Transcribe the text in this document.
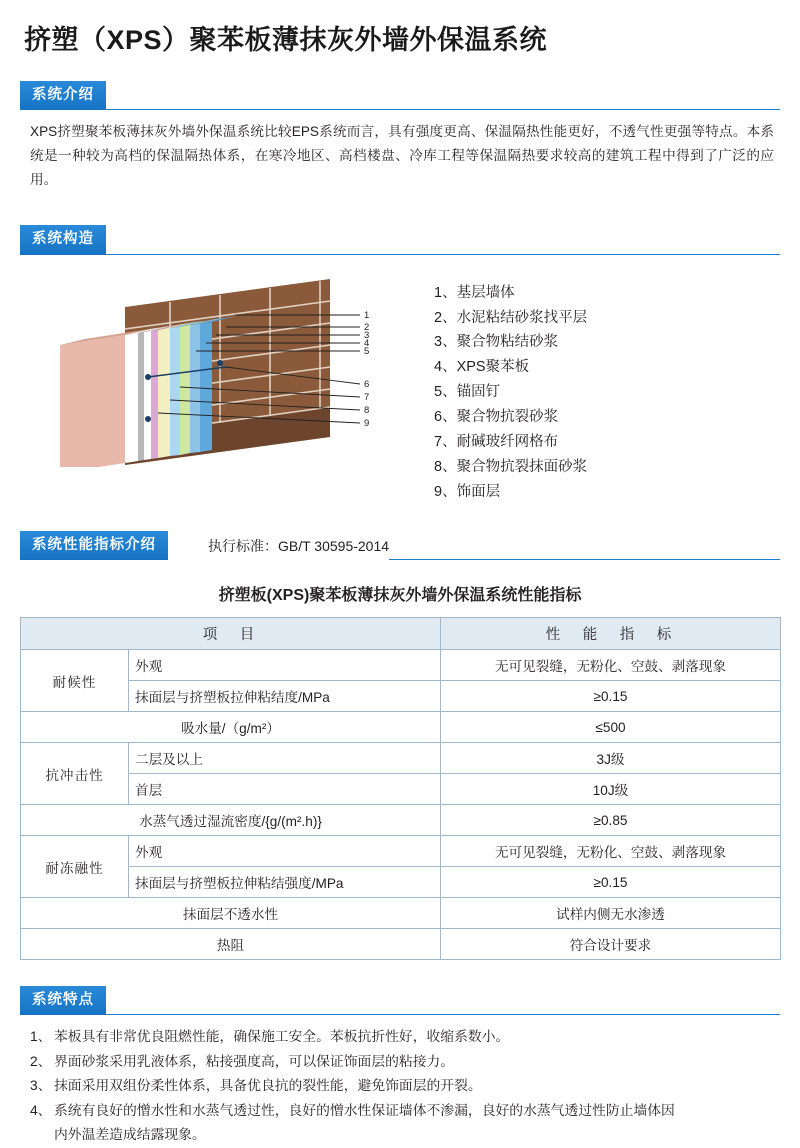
挤塑（XPS）聚苯板薄抹灰外墙外保温系统
系统介绍
XPS挤塑聚苯板薄抹灰外墙外保温系统比较EPS系统而言，具有强度更高、保温隔热性能更好，不透气性更强等特点。本系统是一种较为高档的保温隔热体系，在寒冷地区、高档楼盘、冷库工程等保温隔热要求较高的建筑工程中得到了广泛的应用。
系统构造
1
2
3
4
5
6
7
8
9
1、基层墙体
2、水泥粘结砂浆找平层
3、聚合物粘结砂浆
4、XPS聚苯板
5、锚固钉
6、聚合物抗裂砂浆
7、耐碱玻纤网格布
8、聚合物抗裂抹面砂浆
9、饰面层
系统性能指标介绍	执行标准：GB/T 30595-2014
挤塑板(XPS)聚苯板薄抹灰外墙外保温系统性能指标
项　目		性　能　指　标
耐候性	外观	无可见裂缝，无粉化、空鼓、剥落现象
	抹面层与挤塑板拉伸粘结度/MPa	≥0.15
吸水量/（g/m²）		≤500
抗冲击性	二层及以上	3J级
	首层	10J级
水蒸气透过湿流密度/{g/(m².h)}		≥0.85
耐冻融性	外观	无可见裂缝，无粉化、空鼓、剥落现象
	抹面层与挤塑板拉伸粘结强度/MPa	≥0.15
抹面层不透水性		试样内侧无水渗透
热阻		符合设计要求
系统特点
1、 苯板具有非常优良阻燃性能，确保施工安全。苯板抗折性好，收缩系数小。
2、 界面砂浆采用乳液体系，粘接强度高，可以保证饰面层的粘接力。
3、 抹面采用双组份柔性体系，具备优良抗的裂性能，避免饰面层的开裂。
4、 系统有良好的憎水性和水蒸气透过性，良好的憎水性保证墙体不渗漏，良好的水蒸气透过性防止墙体因
内外温差造成结露现象。
